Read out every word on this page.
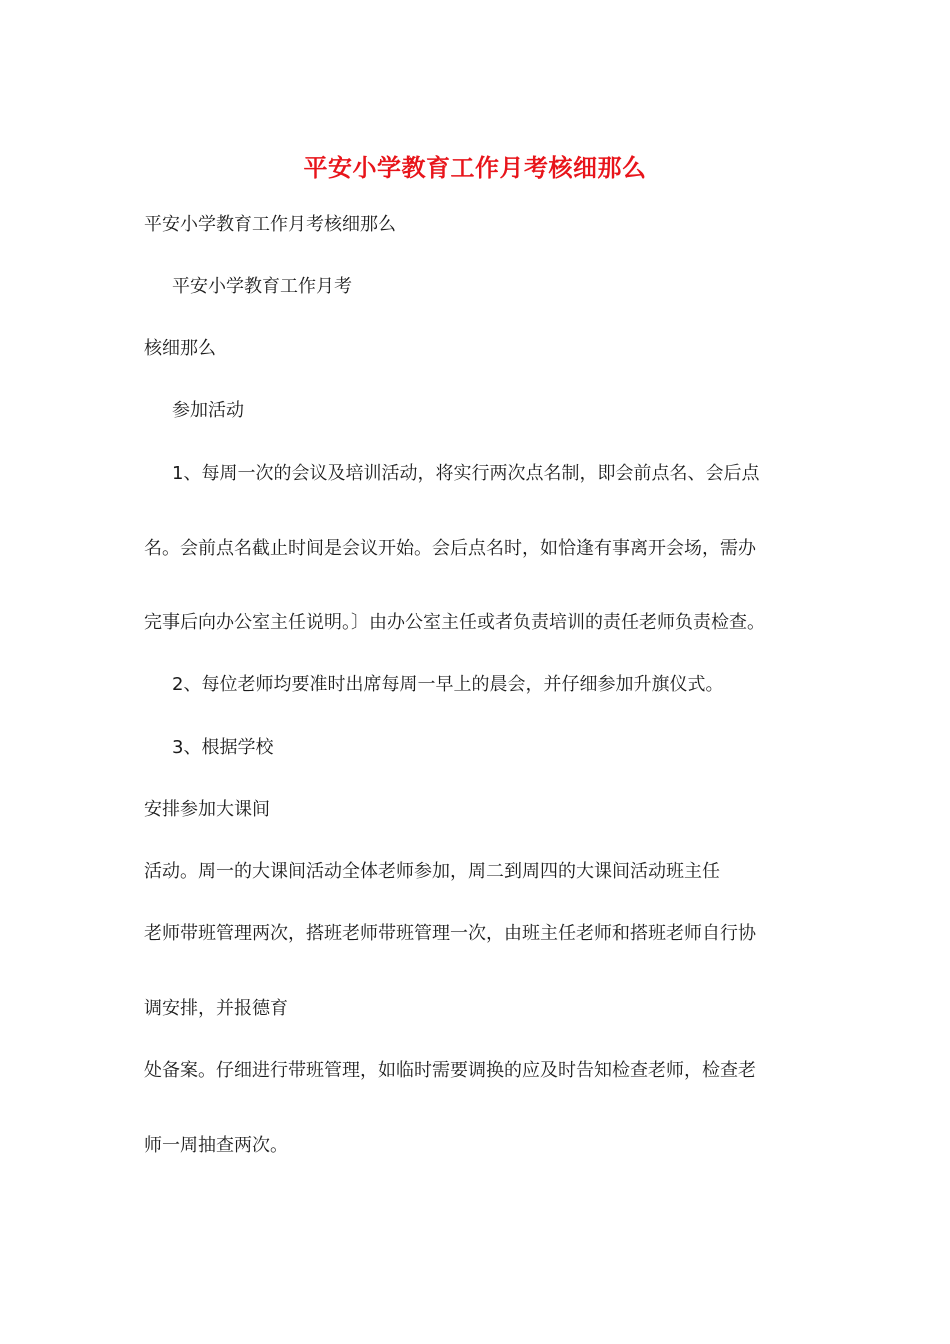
平安小学教育工作月考核细那么
平安小学教育工作月考核细那么
平安小学教育工作月考
核细那么
参加活动
1、每周一次的会议及培训活动，将实行两次点名制，即会前点名、会后点
名。会前点名截止时间是会议开始。会后点名时，如恰逢有事离开会场，需办
完事后向办公室主任说明。〕由办公室主任或者负责培训的责任老师负责检查。
2、每位老师均要准时出席每周一早上的晨会，并仔细参加升旗仪式。
3、根据学校
安排参加大课间
活动。周一的大课间活动全体老师参加，周二到周四的大课间活动班主任
老师带班管理两次，搭班老师带班管理一次，由班主任老师和搭班老师自行协
调安排，并报德育
处备案。仔细进行带班管理，如临时需要调换的应及时告知检查老师，检查老
师一周抽查两次。
